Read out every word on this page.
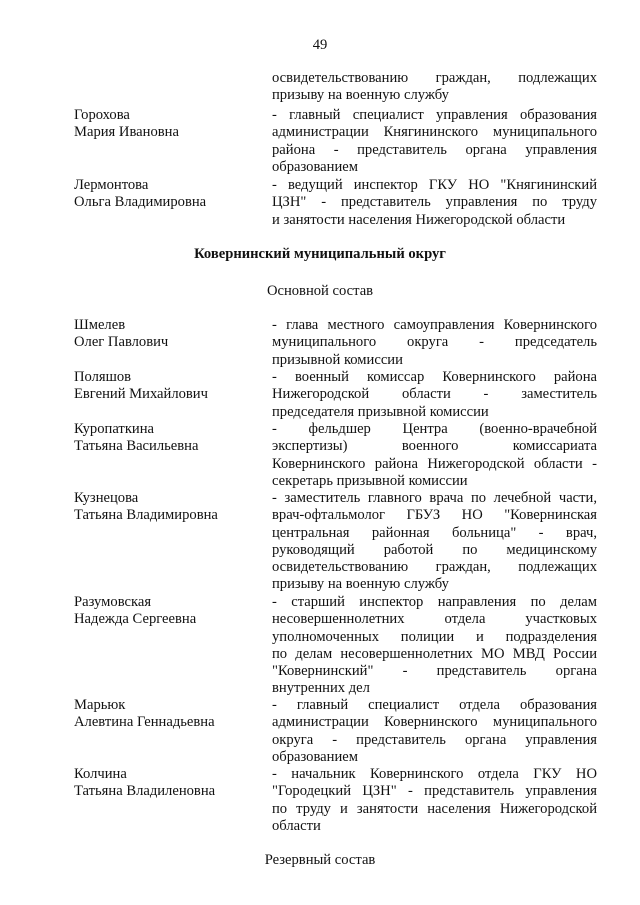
49
освидетельствованию граждан, подлежащих
призыву на военную службу
Горохова
Мария Ивановна
- главный специалист управления образования
администрации Княгининского муниципального
района - представитель органа управления
образованием
Лермонтова
Ольга Владимировна
- ведущий инспектор ГКУ НО "Княгининский
ЦЗН" - представитель управления по труду
и занятости населения Нижегородской области
Ковернинский муниципальный округ
Основной состав
Шмелев
Олег Павлович
- глава местного самоуправления Ковернинского
муниципального округа - председатель
призывной комиссии
Поляшов
Евгений Михайлович
- военный комиссар Ковернинского района
Нижегородской области - заместитель
председателя призывной комиссии
Куропаткина
Татьяна Васильевна
- фельдшер Центра (военно-врачебной
экспертизы) военного комиссариата
Ковернинского района Нижегородской области -
секретарь призывной комиссии
Кузнецова
Татьяна Владимировна
- заместитель главного врача по лечебной части,
врач-офтальмолог ГБУЗ НО "Ковернинская
центральная районная больница" - врач,
руководящий работой по медицинскому
освидетельствованию граждан, подлежащих
призыву на военную службу
Разумовская
Надежда Сергеевна
- старший инспектор направления по делам
несовершеннолетних отдела участковых
уполномоченных полиции и подразделения
по делам несовершеннолетних МО МВД России
"Ковернинский" - представитель органа
внутренних дел
Марьюк
Алевтина Геннадьевна
- главный специалист отдела образования
администрации Ковернинского муниципального
округа - представитель органа управления
образованием
Колчина
Татьяна Владиленовна
- начальник Ковернинского отдела ГКУ НО
"Городецкий ЦЗН" - представитель управления
по труду и занятости населения Нижегородской
области
Резервный состав
